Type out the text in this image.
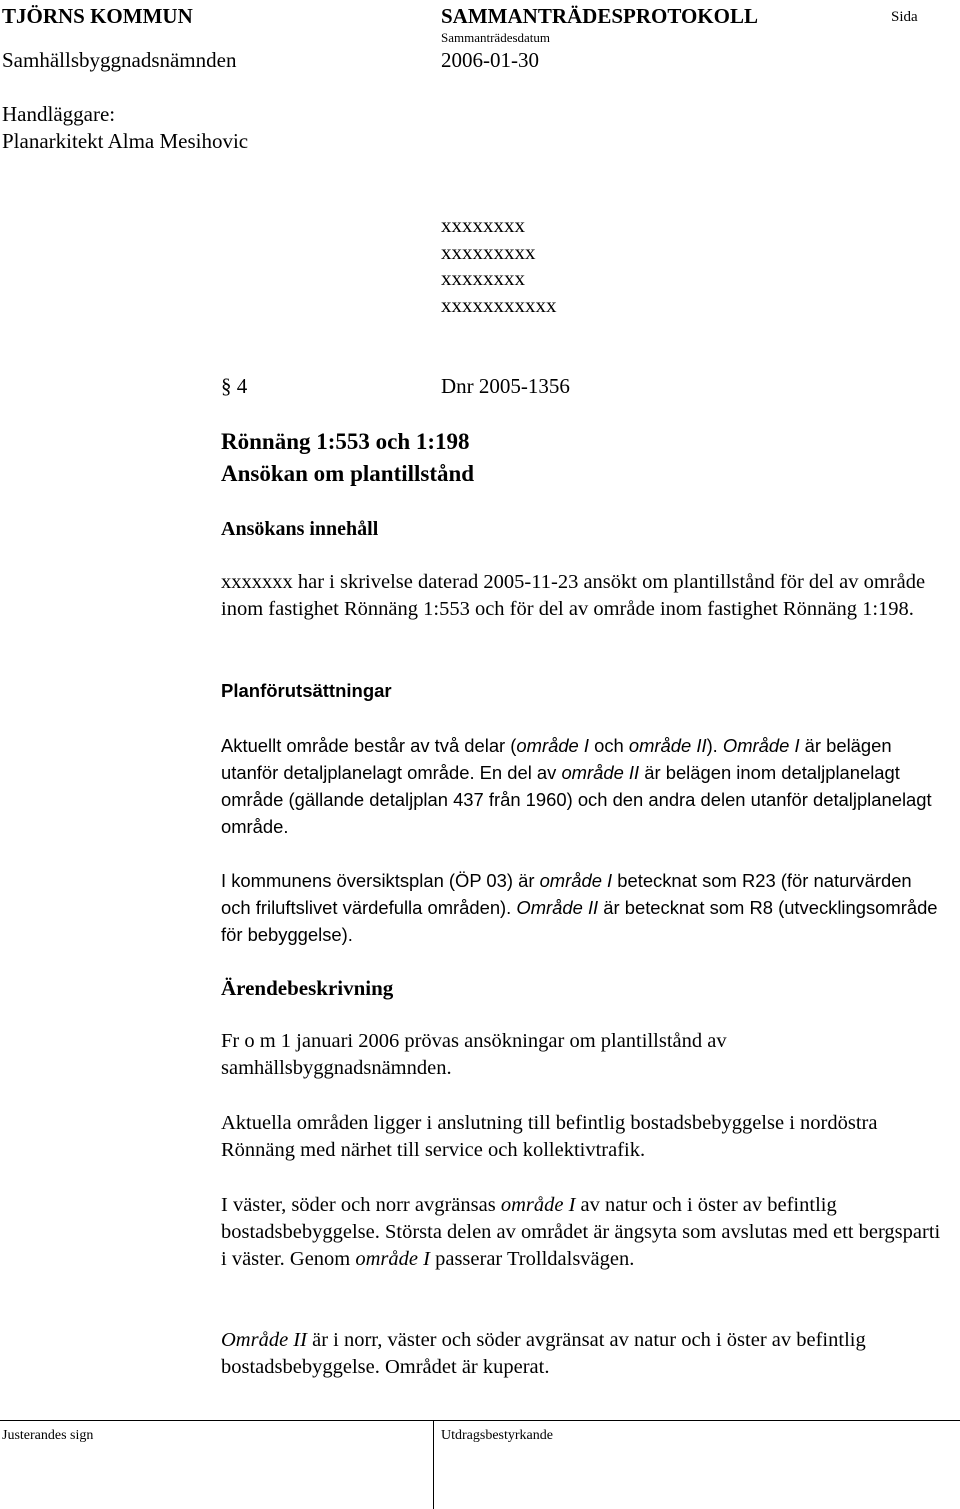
TJÖRNS KOMMUN	SAMMANTRÄDESPROTOKOLL	Sida
Sammanträdesdatum
Samhällsbyggnadsnämnden	2006-01-30
Handläggare:
Planarkitekt Alma Mesihovic
xxxxxxxx
xxxxxxxxx
xxxxxxxx
xxxxxxxxxxx
§ 4	Dnr 2005-1356
Rönnäng 1:553 och 1:198
Ansökan om plantillstånd
Ansökans innehåll

xxxxxxx har i skrivelse daterad 2005-11-23 ansökt om plantillstånd för del av område inom fastighet Rönnäng 1:553 och för del av område inom fastighet Rönnäng 1:198.

Planförutsättningar

Aktuellt område består av två delar (område I och område II). Område I är belägen utanför detaljplanelagt område. En del av område II är belägen inom detaljplanelagt område (gällande detaljplan 437 från 1960) och den andra delen utanför detaljplanelagt område.

I kommunens översiktsplan (ÖP 03) är område I betecknat som R23 (för naturvärden och friluftslivet värdefulla områden). Område II är betecknat som R8 (utvecklingsområde för bebyggelse).

Ärendebeskrivning

Fr o m 1 januari 2006 prövas ansökningar om plantillstånd av samhällsbyggnadsnämnden.

Aktuella områden ligger i anslutning till befintlig bostadsbebyggelse i nordöstra Rönnäng med närhet till service och kollektivtrafik.

I väster, söder och norr avgränsas område I av natur och i öster av befintlig bostadsbebyggelse. Största delen av området är ängsyta som avslutas med ett bergsparti i väster. Genom område I passerar Trolldalsvägen.

Område II är i norr, väster och söder avgränsat av natur och i öster av befintlig bostadsbebyggelse. Området är kuperat.

Justerandes sign	Utdragsbestyrkande
